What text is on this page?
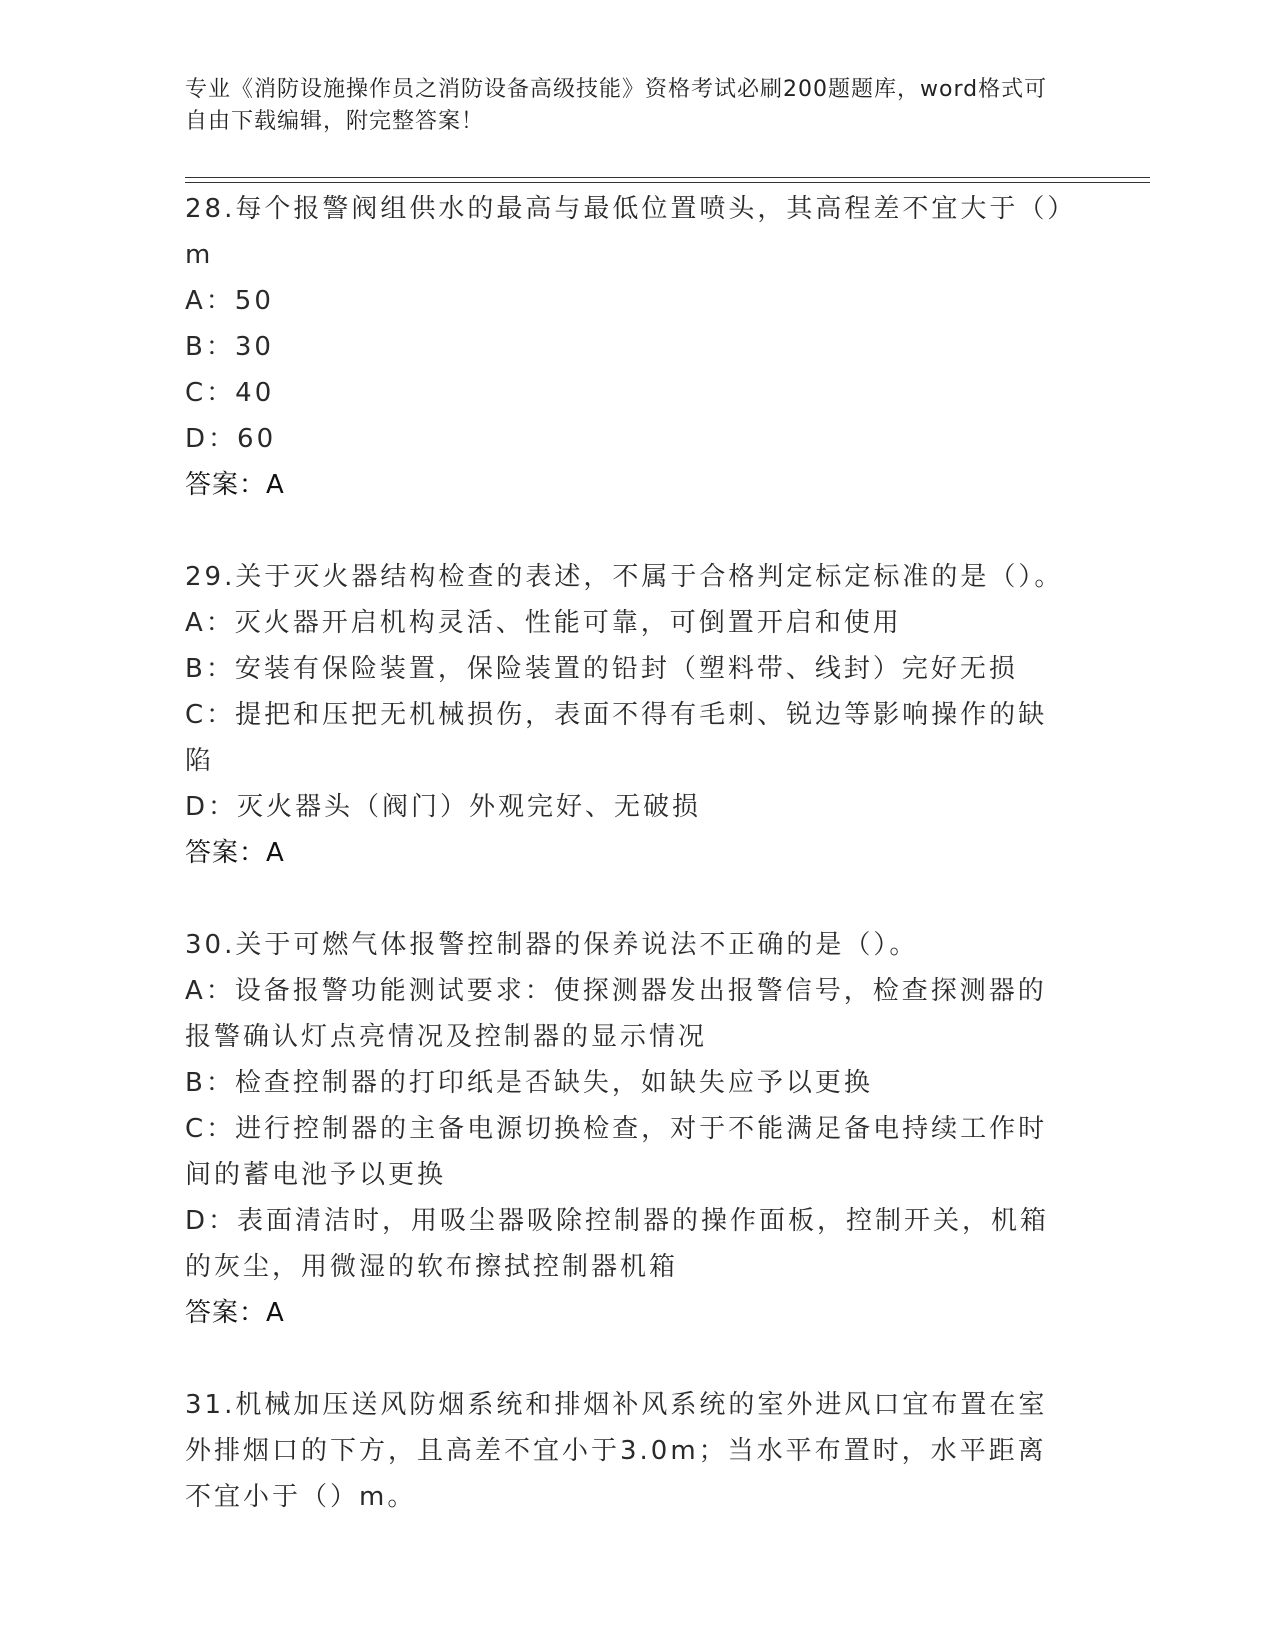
专业《消防设施操作员之消防设备高级技能》资格考试必刷200题题库，word格式可自由下载编辑，附完整答案！

28.每个报警阀组供水的最高与最低位置喷头，其高程差不宜大于（）m

A：50

B：30

C：40

D：60

答案：A

29.关于灭火器结构检查的表述，不属于合格判定标定标准的是（）。

A：灭火器开启机构灵活、性能可靠，可倒置开启和使用

B：安装有保险装置，保险装置的铅封（塑料带、线封）完好无损

C：提把和压把无机械损伤，表面不得有毛刺、锐边等影响操作的缺陷

D：灭火器头（阀门）外观完好、无破损

答案：A

30.关于可燃气体报警控制器的保养说法不正确的是（）。

A：设备报警功能测试要求：使探测器发出报警信号，检查探测器的报警确认灯点亮情况及控制器的显示情况

B：检查控制器的打印纸是否缺失，如缺失应予以更换

C：进行控制器的主备电源切换检查，对于不能满足备电持续工作时间的蓄电池予以更换

D：表面清洁时，用吸尘器吸除控制器的操作面板，控制开关，机箱的灰尘，用微湿的软布擦拭控制器机箱

答案：A

31.机械加压送风防烟系统和排烟补风系统的室外进风口宜布置在室外排烟口的下方，且高差不宜小于3.0m；当水平布置时，水平距离不宜小于（）m。
